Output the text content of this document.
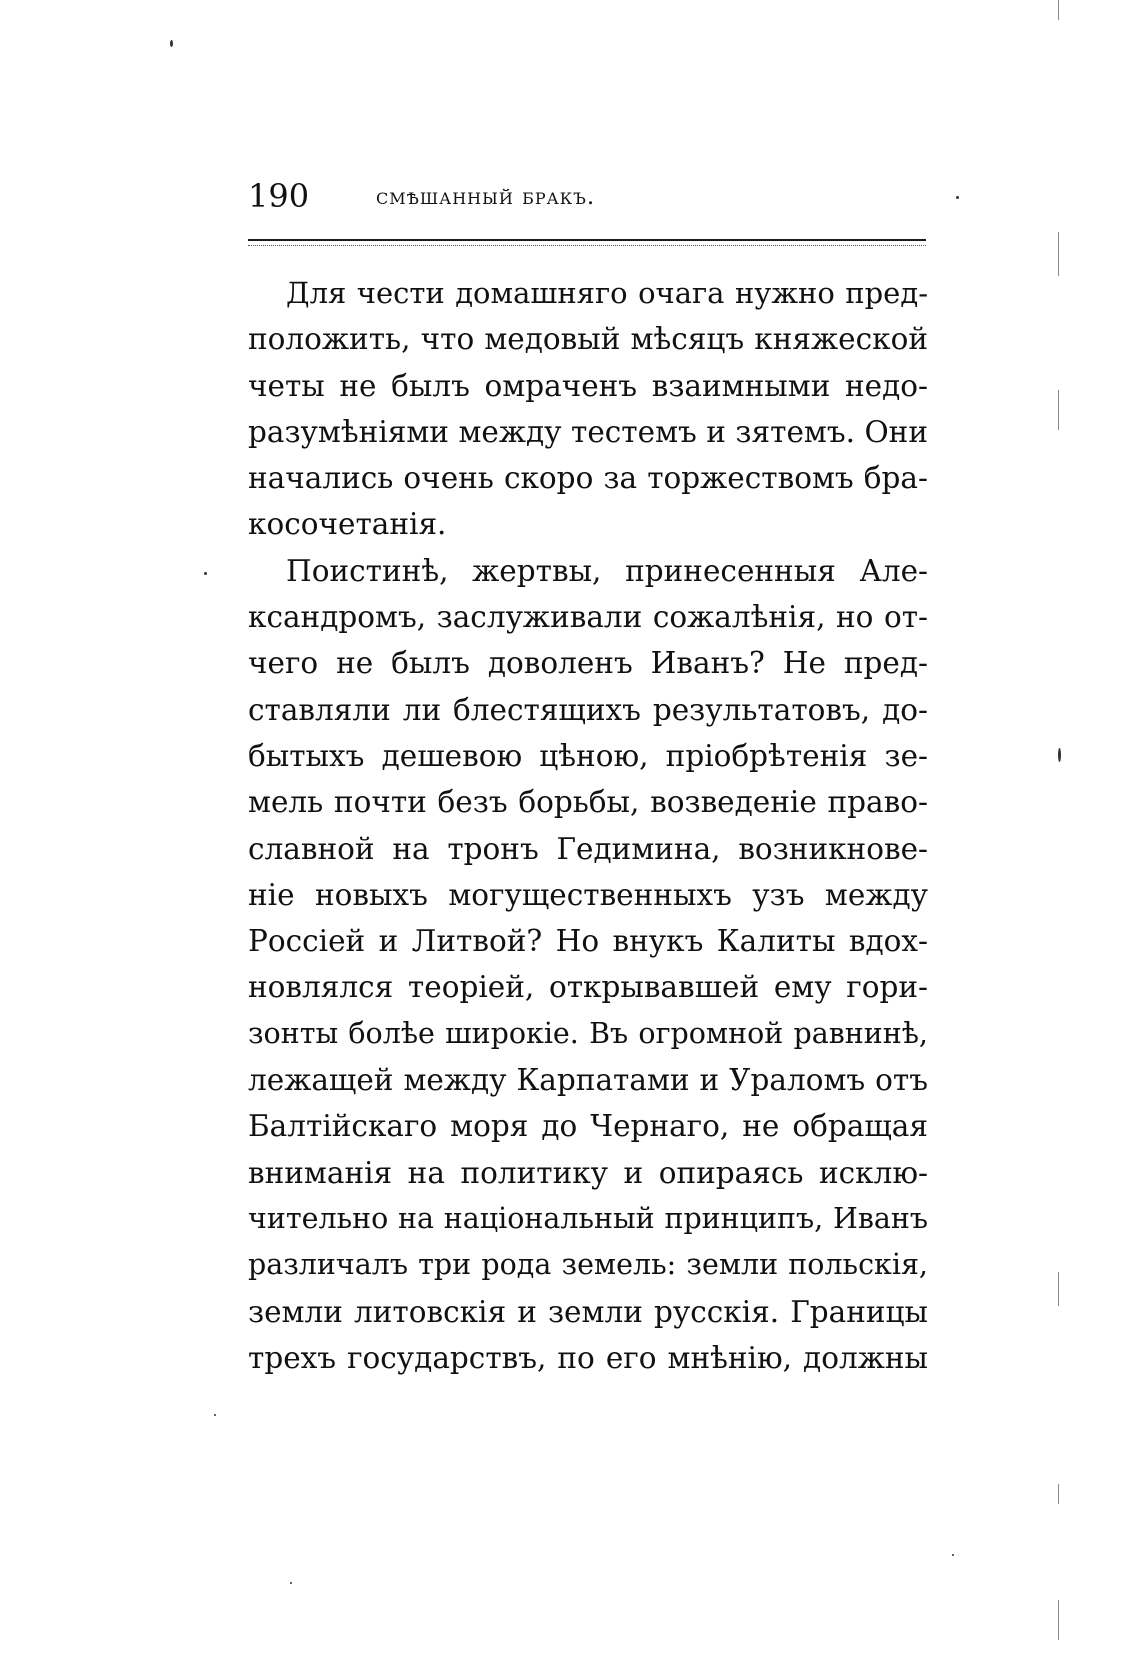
190	смѣшанный бракъ.

Для чести домашняго очага нужно пред-
положить, что медовый мѣсяцъ княжеской
четы не былъ омраченъ взаимными недо-
разумѣніями между тестемъ и зятемъ. Они
начались очень скоро за торжествомъ бра-
косочетанія.

Поистинѣ, жертвы, принесенныя Але-
ксандромъ, заслуживали сожалѣнія, но от-
чего не былъ доволенъ Иванъ? Не пред-
ставляли ли блестящихъ результатовъ, до-
бытыхъ дешевою цѣною, пріобрѣтенія зе-
мель почти безъ борьбы, возведеніе право-
славной на тронъ Гедимина, возникнове-
ніе новыхъ могущественныхъ узъ между
Россіей и Литвой? Но внукъ Калиты вдох-
новлялся теоріей, открывавшей ему гори-
зонты болѣе широкіе. Въ огромной равнинѣ,
лежащей между Карпатами и Ураломъ отъ
Балтійскаго моря до Чернаго, не обращая
вниманія на политику и опираясь исклю-
чительно на національный принципъ, Иванъ
различалъ три рода земель: земли польскія,
земли литовскія и земли русскія. Границы
трехъ государствъ, по его мнѣнію, должны
